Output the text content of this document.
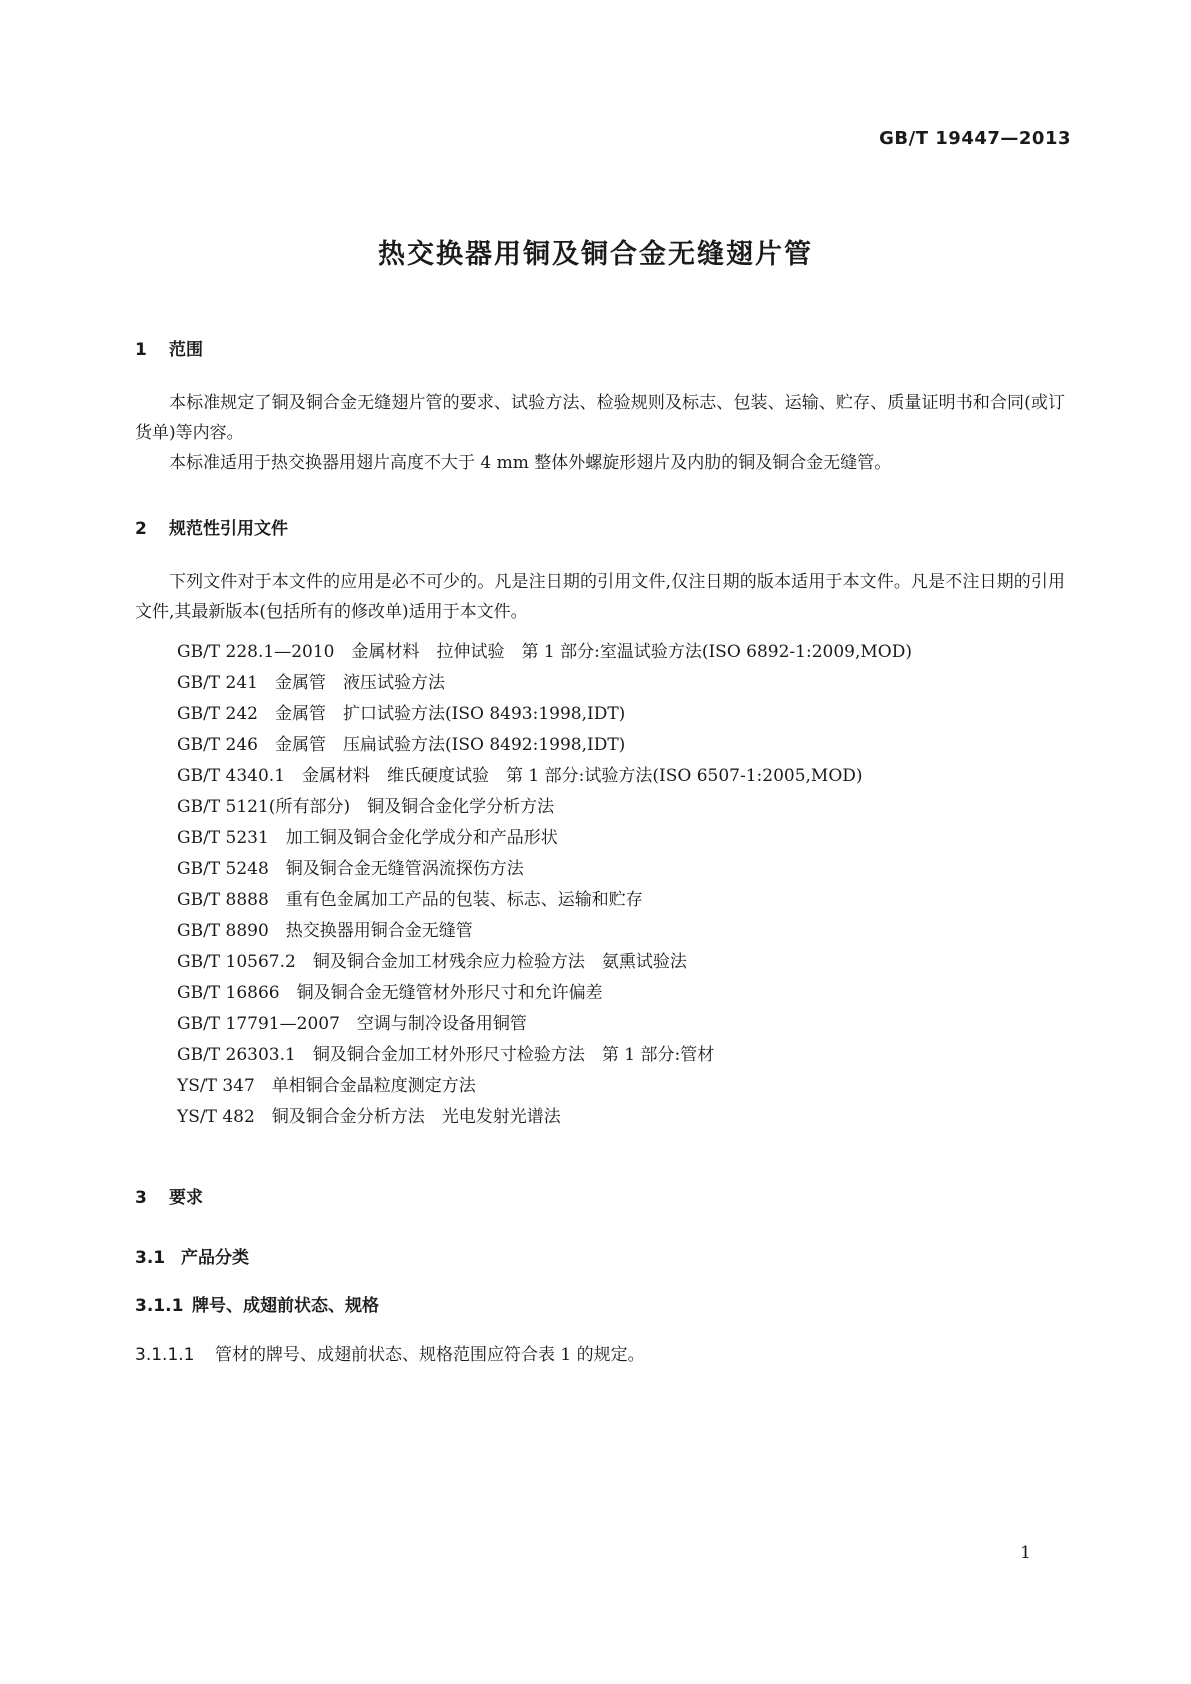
GB/T 19447—2013
热交换器用铜及铜合金无缝翅片管
1 范围
本标准规定了铜及铜合金无缝翅片管的要求、试验方法、检验规则及标志、包装、运输、贮存、质量证明书和合同(或订货单)等内容。
本标准适用于热交换器用翅片高度不大于 4 mm 整体外螺旋形翅片及内肋的铜及铜合金无缝管。
2 规范性引用文件
下列文件对于本文件的应用是必不可少的。凡是注日期的引用文件,仅注日期的版本适用于本文件。凡是不注日期的引用文件,其最新版本(包括所有的修改单)适用于本文件。
GB/T 228.1—2010　金属材料　拉伸试验　第 1 部分:室温试验方法(ISO 6892-1:2009,MOD)
GB/T 241　金属管　液压试验方法
GB/T 242　金属管　扩口试验方法(ISO 8493:1998,IDT)
GB/T 246　金属管　压扁试验方法(ISO 8492:1998,IDT)
GB/T 4340.1　金属材料　维氏硬度试验　第 1 部分:试验方法(ISO 6507-1:2005,MOD)
GB/T 5121(所有部分)　铜及铜合金化学分析方法
GB/T 5231　加工铜及铜合金化学成分和产品形状
GB/T 5248　铜及铜合金无缝管涡流探伤方法
GB/T 8888　重有色金属加工产品的包装、标志、运输和贮存
GB/T 8890　热交换器用铜合金无缝管
GB/T 10567.2　铜及铜合金加工材残余应力检验方法　氨熏试验法
GB/T 16866　铜及铜合金无缝管材外形尺寸和允许偏差
GB/T 17791—2007　空调与制冷设备用铜管
GB/T 26303.1　铜及铜合金加工材外形尺寸检验方法　第 1 部分:管材
YS/T 347　单相铜合金晶粒度测定方法
YS/T 482　铜及铜合金分析方法　光电发射光谱法
3 要求
3.1 产品分类
3.1.1 牌号、成翅前状态、规格
3.1.1.1 管材的牌号、成翅前状态、规格范围应符合表 1 的规定。
1
